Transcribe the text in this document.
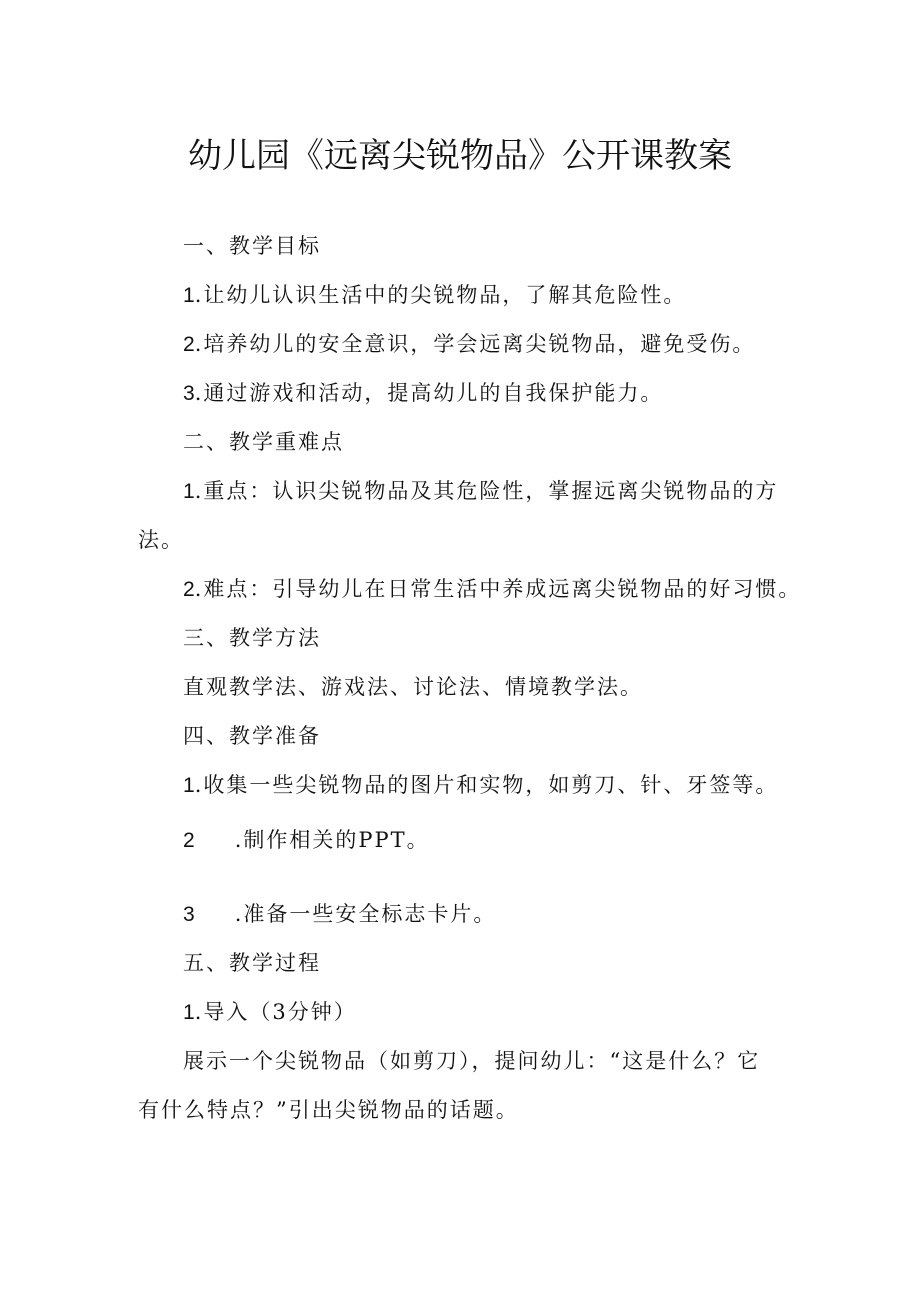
幼儿园《远离尖锐物品》公开课教案
一、教学目标
1.让幼儿认识生活中的尖锐物品，了解其危险性。
2.培养幼儿的安全意识，学会远离尖锐物品，避免受伤。
3.通过游戏和活动，提高幼儿的自我保护能力。
二、教学重难点
1.重点：认识尖锐物品及其危险性，掌握远离尖锐物品的方
法。
2.难点：引导幼儿在日常生活中养成远离尖锐物品的好习惯。
三、教学方法
直观教学法、游戏法、讨论法、情境教学法。
四、教学准备
1.收集一些尖锐物品的图片和实物，如剪刀、针、牙签等。
2 .制作相关的PPT。
3 .准备一些安全标志卡片。
五、教学过程
1.导入（3分钟）
展示一个尖锐物品（如剪刀），提问幼儿：“这是什么？它
有什么特点？”引出尖锐物品的话题。
